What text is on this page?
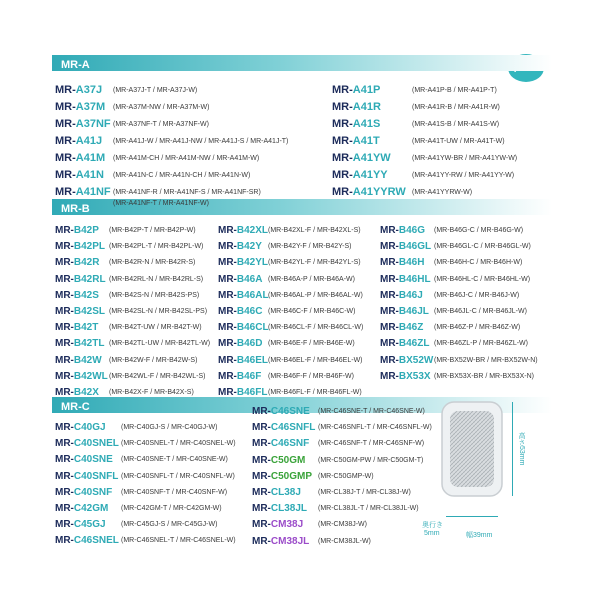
MR-A
MR-B
MR-C
MR-A37J (MR-A37J-T / MR-A37J-W)
MR-A37M (MR-A37M-NW / MR-A37M-W)
MR-A37NF (MR-A37NF-T / MR-A37NF-W)
MR-A41J (MR-A41J-W / MR-A41J-NW / MR-A41J-S / MR-A41J-T)
MR-A41M (MR-A41M-CH / MR-A41M-NW / MR-A41M-W)
MR-A41N (MR-A41N-C / MR-A41N-CH / MR-A41N-W)
MR-A41NF (MR-A41NF-R / MR-A41NF-S / MR-A41NF-SR)
(MR-A41NF-T / MR-A41NF-W)
MR-A41P	(MR-A41P-B / MR-A41P-T)
MR-A41R	(MR-A41R-B / MR-A41R-W)
MR-A41S	(MR-A41S-B / MR-A41S-W)
MR-A41T	(MR-A41T-UW / MR-A41T-W)
MR-A41YW	(MR-A41YW-BR / MR-A41YW-W)
MR-A41YY	(MR-A41YY-RW / MR-A41YY-W)
MR-A41YYRW (MR-A41YYRW-W)
MR-B42P (MR-B42P-T / MR-B42P-W)
MR-B42PL (MR-B42PL-T / MR-B42PL-W)
MR-B42R (MR-B42R-N / MR-B42R-S)
MR-B42RL (MR-B42RL-N / MR-B42RL-S)
MR-B42S (MR-B42S-N / MR-B42S-PS)
MR-B42SL (MR-B42SL-N / MR-B42SL-PS)
MR-B42T (MR-B42T-UW / MR-B42T-W)
MR-B42TL (MR-B42TL-UW / MR-B42TL-W)
MR-B42W (MR-B42W-F / MR-B42W-S)
MR-B42WL(MR-B42WL-F / MR-B42WL-S)
MR-B42X (MR-B42X-F / MR-B42X-S)
MR-B42XL(MR-B42XL-F / MR-B42XL-S)
MR-B42Y (MR-B42Y-F / MR-B42Y-S)
MR-B42YL(MR-B42YL-F / MR-B42YL-S)
MR-B46A (MR-B46A-P / MR-B46A-W)
MR-B46AL(MR-B46AL-P / MR-B46AL-W)
MR-B46C (MR-B46C-F / MR-B46C-W)
MR-B46CL(MR-B46CL-F / MR-B46CL-W)
MR-B46D (MR-B46E-F / MR-B46E-W)
MR-B46EL(MR-B46EL-F / MR-B46EL-W)
MR-B46F (MR-B46F-F / MR-B46F-W)
MR-B46FL(MR-B46FL-F / MR-B46FL-W)
MR-B46G (MR-B46G-C / MR-B46G-W)
MR-B46GL (MR-B46GL-C / MR-B46GL-W)
MR-B46H (MR-B46H-C / MR-B46H-W)
MR-B46HL (MR-B46HL-C / MR-B46HL-W)
MR-B46J (MR-B46J-C / MR-B46J-W)
MR-B46JL (MR-B46JL-C / MR-B46JL-W)
MR-B46Z (MR-B46Z-P / MR-B46Z-W)
MR-B46ZL (MR-B46ZL-P / MR-B46ZL-W)
MR-BX52W(MR-BX52W-BR / MR-BX52W-N)
MR-BX53X (MR-BX53X-BR / MR-BX53X-N)
MR-C40GJ (MR-C40GJ-S / MR-C40GJ-W)
MR-C40SNEL (MR-C40SNEL-T / MR-C40SNEL-W)
MR-C40SNE (MR-C40SNE-T / MR-C40SNE-W)
MR-C40SNFL (MR-C40SNFL-T / MR-C40SNFL-W)
MR-C40SNF (MR-C40SNF-T / MR-C40SNF-W)
MR-C42GM (MR-C42GM-T / MR-C42GM-W)
MR-C45GJ (MR-C45GJ-S / MR-C45GJ-W)
MR-C46SNEL (MR-C46SNEL-T / MR-C46SNEL-W)
MR-C46SNE (MR-C46SNE-T / MR-C46SNE-W)
MR-C46SNFL (MR-C46SNFL-T / MR-C46SNFL-W)
MR-C46SNF (MR-C46SNF-T / MR-C46SNF-W)
MR-C50GM (MR-C50GM-PW / MR-C50GM-T)
MR-C50GMP (MR-C50GMP-W)
MR-CL38J (MR-CL38J-T / MR-CL38J-W)
MR-CL38JL (MR-CL38JL-T / MR-CL38JL-W)
MR-CM38J (MR-CM38J-W)
MR-CM38JL (MR-CM38JL-W)
高さ53mm
奥行き
5mm	幅39mm
